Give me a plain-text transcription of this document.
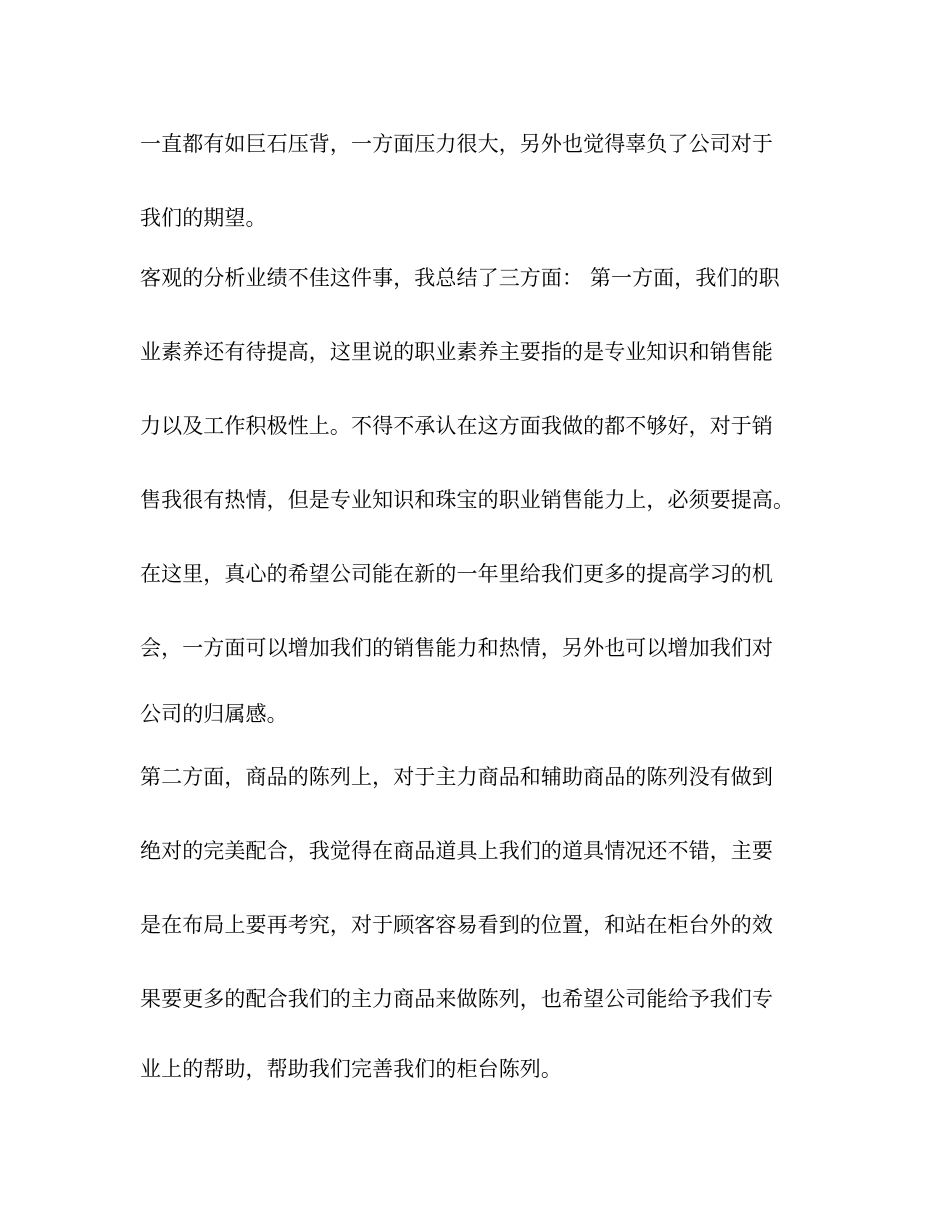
一直都有如巨石压背，一方面压力很大，另外也觉得辜负了公司对于
我们的期望。
客观的分析业绩不佳这件事，我总结了三方面： 第一方面，我们的职
业素养还有待提高，这里说的职业素养主要指的是专业知识和销售能
力以及工作积极性上。不得不承认在这方面我做的都不够好，对于销
售我很有热情，但是专业知识和珠宝的职业销售能力上，必须要提高。
在这里，真心的希望公司能在新的一年里给我们更多的提高学习的机
会，一方面可以增加我们的销售能力和热情，另外也可以增加我们对
公司的归属感。
第二方面，商品的陈列上，对于主力商品和辅助商品的陈列没有做到
绝对的完美配合，我觉得在商品道具上我们的道具情况还不错，主要
是在布局上要再考究，对于顾客容易看到的位置，和站在柜台外的效
果要更多的配合我们的主力商品来做陈列，也希望公司能给予我们专
业上的帮助，帮助我们完善我们的柜台陈列。
